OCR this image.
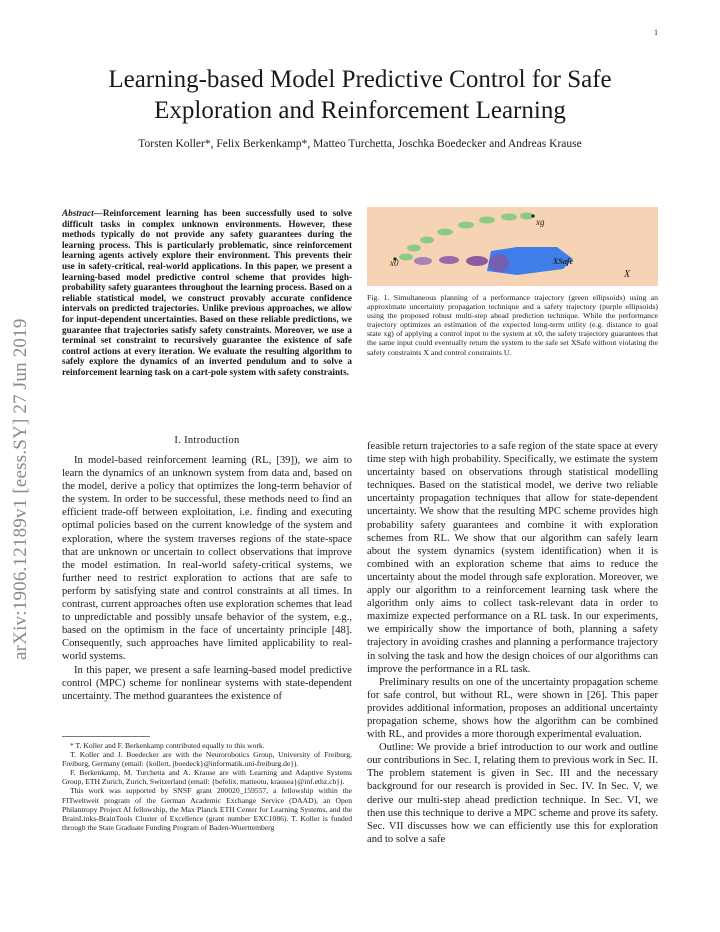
1
Learning-based Model Predictive Control for Safe Exploration and Reinforcement Learning
Torsten Koller*, Felix Berkenkamp*, Matteo Turchetta, Joschka Boedecker and Andreas Krause
arXiv:1906.12189v1 [eess.SY] 27 Jun 2019
Abstract—Reinforcement learning has been successfully used to solve difficult tasks in complex unknown environments. However, these methods typically do not provide any safety guarantees during the learning process. This is particularly problematic, since reinforcement learning agents actively explore their environment. This prevents their use in safety-critical, real-world applications. In this paper, we present a learning-based model predictive control scheme that provides high-probability safety guarantees throughout the learning process. Based on a reliable statistical model, we construct provably accurate confidence intervals on predicted trajectories. Unlike previous approaches, we allow for input-dependent uncertainties. Based on these reliable predictions, we guarantee that trajectories satisfy safety constraints. Moreover, we use a terminal set constraint to recursively guarantee the existence of safe control actions at every iteration. We evaluate the resulting algorithm to safely explore the dynamics of an inverted pendulum and to solve a reinforcement learning task on a cart-pole system with safety constraints.
I. Introduction

In model-based reinforcement learning (RL, [39]), we aim to learn the dynamics of an unknown system from data and, based on the model, derive a policy that optimizes the long-term behavior of the system. In order to be successful, these methods need to find an efficient trade-off between exploitation, i.e. finding and executing optimal policies based on the current knowledge of the system and exploration, where the system traverses regions of the state-space that are unknown or uncertain to collect observations that improve the model estimation. In real-world safety-critical systems, we further need to restrict exploration to actions that are safe to perform by satisfying state and control constraints at all times. In contrast, current approaches often use exploration schemes that lead to unpredictable and possibly unsafe behavior of the system, e.g., based on the optimism in the face of uncertainty principle [48]. Consequently, such approaches have limited applicability to real-world systems.

In this paper, we present a safe learning-based model predictive control (MPC) scheme for nonlinear systems with state-dependent uncertainty. The method guarantees the existence of

* T. Koller and F. Berkenkamp contributed equally to this work.

T. Koller and J. Boedecker are with the Neurorobotics Group, University of Freiburg, Freiburg, Germany (email: {kollert, jboedeck}@informatik.uni-freiburg.de}).

F. Berkenkamp, M. Turchetta and A. Krause are with Learning and Adaptive Systems Group, ETH Zurich, Zurich, Switzerland (email: {befelix, matteotu, krausea}@inf.ethz.ch}).

This work was supported by SNSF grant 200020_159557, a fellowship within the FITweltweit program of the German Academic Exchange Service (DAAD), an Open Philantropy Project AI fellowship, the Max Planck ETH Center for Learning Systems, and the BrainLinks-BrainTools Cluster of Excellence (grant number EXC1086). T. Koller is funded through the State Graduate Funding Program of Baden-Wuerttemberg

x0
xg
XSafe
X
Fig. 1. Simultaneous planning of a performance trajectory (green ellipsoids) using an approximate uncertainty propagation technique and a safety trajectory (purple ellipsoids) using the proposed robust multi-step ahead prediction technique. While the performance trajectory optimizes an estimation of the expected long-term utility (e.g. distance to goal state xg) of applying a control input to the system at x0, the safety trajectory guarantees that the same input could eventually return the system to the safe set XSafe without violating the safety constraints X and control constraints U.

feasible return trajectories to a safe region of the state space at every time step with high probability. Specifically, we estimate the system uncertainty based on observations through statistical modelling techniques. Based on the statistical model, we derive two reliable uncertainty propagation techniques that allow for state-dependent uncertainty. We show that the resulting MPC scheme provides high probability safety guarantees and combine it with exploration schemes from RL. We show that our algorithm can safely learn about the system dynamics (system identification) when it is combined with an exploration scheme that aims to reduce the uncertainty about the model through safe exploration. Moreover, we apply our algorithm to a reinforcement learning task where the algorithm only aims to collect task-relevant data in order to maximize expected performance on a RL task. In our experiments, we empirically show the importance of both, planning a safety trajectory in avoiding crashes and planning a performance trajectory in solving the task and how the design choices of our algorithms can improve the performance in a RL task.

Preliminary results on one of the uncertainty propagation scheme for safe control, but without RL, were shown in [26]. This paper provides additional information, proposes an additional uncertainty propagation scheme, shows how the algorithm can be combined with RL, and provides a more thorough experimental evaluation.

Outline: We provide a brief introduction to our work and outline our contributions in Sec. I, relating them to previous work in Sec. II. The problem statement is given in Sec. III and the necessary background for our research is provided in Sec. IV. In Sec. V, we derive our multi-step ahead prediction technique. In Sec. VI, we then use this technique to derive a MPC scheme and prove its safety. Sec. VII discusses how we can efficiently use this for exploration and to solve a safe
